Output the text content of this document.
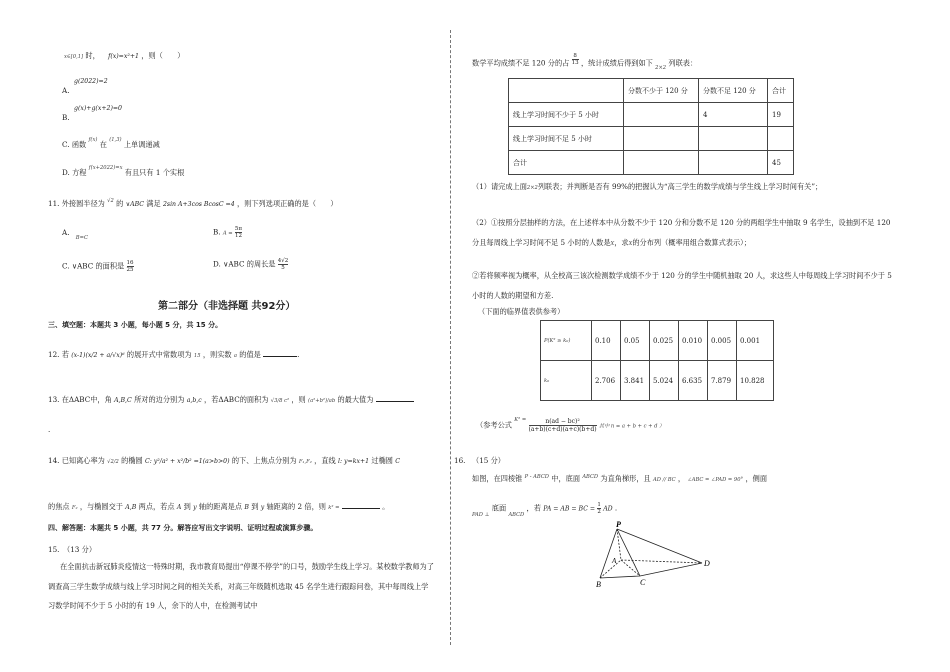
x∈[0,1] 时， f(x)=x²+1 ，则（　　）
g(2022)=2
A.
g(x)+g(x+2)=0
B.
C. 函数 $^{f(x)}$ 在 $^{(1,3)}$ 上单调递减
D. 方程 $^{f(x+2022)=x}$ 有且只有 1 个实根
11. 外接圆半径为 $^{√2}$ 的 ∨ABC 满足 2sin A+3cos BcosC =4 ，则下列选项正确的是（　　）
A. $_{B=C}$
B. $A = \frac{5\pi}{12}$
C. ∨ABC 的面积是 $\frac{16}{25}$	D. ∨ABC 的周长是 $\frac{4√2}{5}$
第二部分（非选择题 共92分）
三、填空题：本题共 3 小题，每小题 5 分，共 15 分。
12. 若 (x-1)(x/2 + a/√x)⁶ 的展开式中常数项为 15 ，则实数 a 的值是	.
13. 在ΔABC中，角 A,B,C 所对的边分别为 a,b,c ，若ΔABC的面积为 √3/8 c² ，则 (a²+b²)/ab 的最大值为
.
14. 已知离心率为 √2/2 的椭圆 C: y²/a² + x²/b² =1(a>b>0) 的下、上焦点分别为 F₁,F₂ ，直线 l: y=kx+1 过椭圆 C
的焦点 F₂ ，与椭圆交于 A,B 两点，若点 A 到 y 轴的距离是点 B 到 y 轴距离的 2 倍，则 k² =	。
四、解答题：本题共 5 小题，共 77 分。解答应写出文字说明、证明过程或演算步骤。
15.　（13 分）
在全面抗击新冠肺炎疫情这一特殊时期，我市教育局提出“停课不停学”的口号，鼓励学生线上学习。某校数学教师为了调查高三学生数学成绩与线上学习时间之间的相关关系，对高三年级随机选取 45 名学生进行跟踪问卷，其中每周线上学习数学时间不少于 5 小时的有 19 人，余下的人中，在检测考试中
数学平均成绩不足 120 分的占 $\frac{8}{13}$ ，统计成绩后得到如下 $_{2\times 2}$ 列联表：
	分数不少于 120 分	分数不足 120 分	合计
线上学习时间不少于 5 小时		4	19
线上学习时间不足 5 小时			
合计			45
（1）请完成上面2×2列联表；并判断是否有 99%的把握认为“高三学生的数学成绩与学生线上学习时间有关”；
（2）①按照分层抽样的方法，在上述样本中从分数不少于 120 分和分数不足 120 分的两组学生中抽取 9 名学生，设抽到不足 120 分且每周线上学习时间不足 5 小时的人数是X，求X的分布列（概率用组合数算式表示）；
②若将频率视为概率，从全校高三该次检测数学成绩不少于 120 分的学生中随机抽取 20 人，求这些人中每周线上学习时间不少于 5 小时的人数的期望和方差.
（下面的临界值表供参考）
P(K² ≥ k₀)	0.10	0.05	0.025	0.010	0.005	0.001
k₀	2.706	3.841	5.024	6.635	7.879	10.828
（参考公式 $^{K^2 =} \frac{\text{n(ad − bc)²}}{(a+b)(c+d)(a+c)(b+d)}$ 其中 n = a + b + c + d ）
16. （15 分）
如图，在四棱锥 $^{P - ABCD}$ 中，底面 $^{ABCD}$ 为直角梯形，且 AD // BC ， ∠ABC = ∠PAD = 90° ，侧面
$_{PAD \perp}$ 底面 $_{ABCD}$ ，若 PA = AB = BC = $\frac{1}{2}$ AD .
P
A
B	C
D
